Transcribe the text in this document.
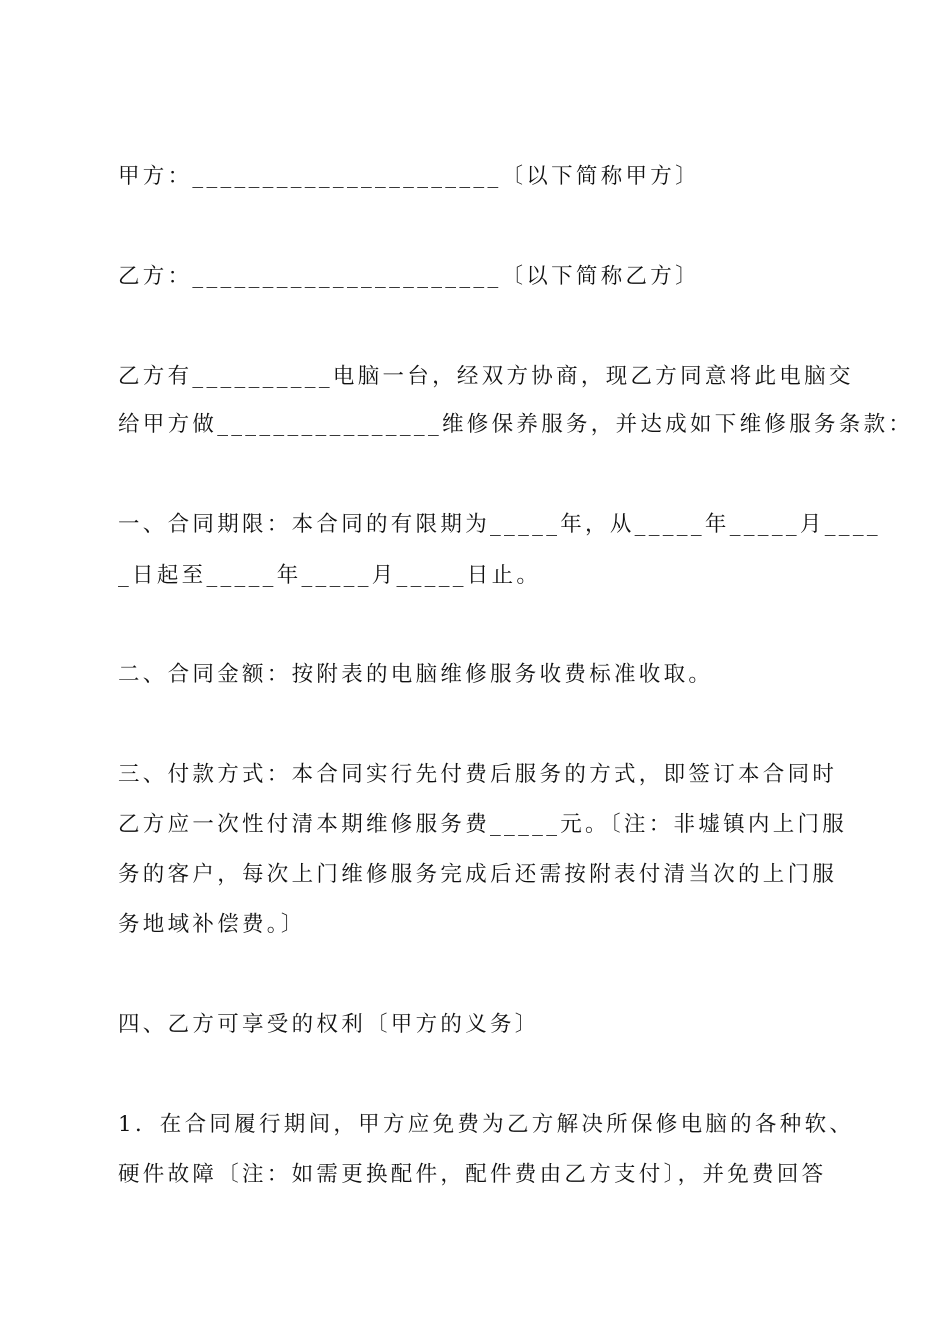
甲方：______________________〔以下简称甲方〕
乙方：______________________〔以下简称乙方〕
乙方有__________电脑一台，经双方协商，现乙方同意将此电脑交
给甲方做________________维修保养服务，并达成如下维修服务条款：
一、合同期限：本合同的有限期为_____年，从_____年_____月____
_日起至_____年_____月_____日止。
二、合同金额：按附表的电脑维修服务收费标准收取。
三、付款方式：本合同实行先付费后服务的方式，即签订本合同时
乙方应一次性付清本期维修服务费_____元。〔注：非墟镇内上门服
务的客户，每次上门维修服务完成后还需按附表付清当次的上门服
务地域补偿费。〕
四、乙方可享受的权利〔甲方的义务〕
1．在合同履行期间，甲方应免费为乙方解决所保修电脑的各种软、
硬件故障〔注：如需更换配件，配件费由乙方支付〕，并免费回答
